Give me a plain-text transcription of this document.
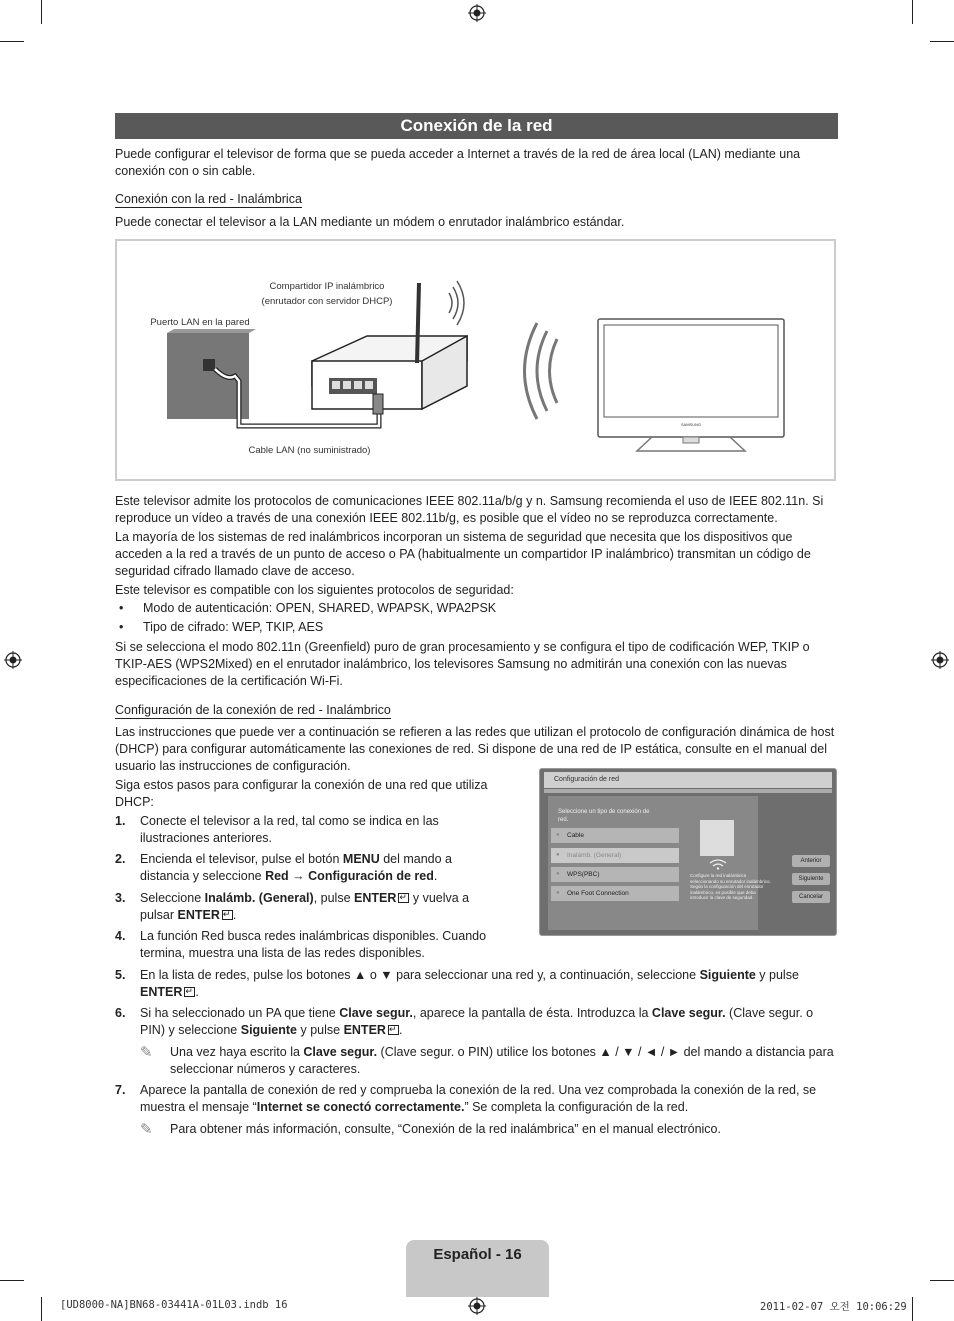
Conexión de la red

Puede configurar el televisor de forma que se pueda acceder a Internet a través de la red de área local (LAN) mediante una conexión con o sin cable.

Conexión con la red - Inalámbrica

Puede conectar el televisor a la LAN mediante un módem o enrutador inalámbrico estándar.

SAMSUNG
Compartidor IP inalámbrico
(enrutador con servidor DHCP)
Puerto LAN en la pared
Cable LAN (no suministrado)

Este televisor admite los protocolos de comunicaciones IEEE 802.11a/b/g y n. Samsung recomienda el uso de IEEE 802.11n. Si reproduce un vídeo a través de una conexión IEEE 802.11b/g, es posible que el vídeo no se reproduzca correctamente.

La mayoría de los sistemas de red inalámbricos incorporan un sistema de seguridad que necesita que los dispositivos que acceden a la red a través de un punto de acceso o PA (habitualmente un compartidor IP inalámbrico) transmitan un código de seguridad cifrado llamado clave de acceso.

Este televisor es compatible con los siguientes protocolos de seguridad:

• Modo de autenticación: OPEN, SHARED, WPAPSK, WPA2PSK
• Tipo de cifrado: WEP, TKIP, AES

Si se selecciona el modo 802.11n (Greenfield) puro de gran procesamiento y se configura el tipo de codificación WEP, TKIP o TKIP-AES (WPS2Mixed) en el enrutador inalámbrico, los televisores Samsung no admitirán una conexión con las nuevas especificaciones de la certificación Wi-Fi.

Configuración de la conexión de red - Inalámbrico

Las instrucciones que puede ver a continuación se refieren a las redes que utilizan el protocolo de configuración dinámica de host (DHCP) para configurar automáticamente las conexiones de red. Si dispone de una red de IP estática, consulte en el manual del usuario las instrucciones de configuración.

Siga estos pasos para configurar la conexión de una red que utiliza DHCP:

1. Conecte el televisor a la red, tal como se indica en las ilustraciones anteriores.
2. Encienda el televisor, pulse el botón MENU del mando a distancia y seleccione Red → Configuración de red.
3. Seleccione Inalámb. (General), pulse ENTER↵ y vuelva a pulsar ENTER ↵ .
4. La función Red busca redes inalámbricas disponibles. Cuando termina, muestra una lista de las redes disponibles.
5. En la lista de redes, pulse los botones ▲ o ▼ para seleccionar una red y, a continuación, seleccione Siguiente y pulse ENTER ↵ .
6. Si ha seleccionado un PA que tiene Clave segur., aparece la pantalla de ésta. Introduzca la Clave segur. (Clave segur. o PIN) y seleccione Siguiente y pulse ENTER ↵ .
✎ Una vez haya escrito la Clave segur. (Clave segur. o PIN) utilice los botones ▲ / ▼ / ◄ / ► del mando a distancia para seleccionar números y caracteres.
7. Aparece la pantalla de conexión de red y comprueba la conexión de la red. Una vez comprobada la conexión de la red, se muestra el mensaje “Internet se conectó correctamente.” Se completa la configuración de la red.
✎ Para obtener más información, consulte, “Conexión de la red inalámbrica” en el manual electrónico.
Configuración de red
Seleccione un tipo de conexión de red.
● Cable
● Inalámb. (General)
● WPS(PBC)
● One Foot Connection
Configure la red inalámbrica seleccionando su enrutador inalámbrico. Según la configuración del enrutador inalámbrico, es posible que deba introducir la clave de seguridad.
Anterior
Siguiente
Cancelar
Español - 16
[UD8000-NA]BN68-03441A-01L03.indb 16	2011-02-07 오전 10:06:29
